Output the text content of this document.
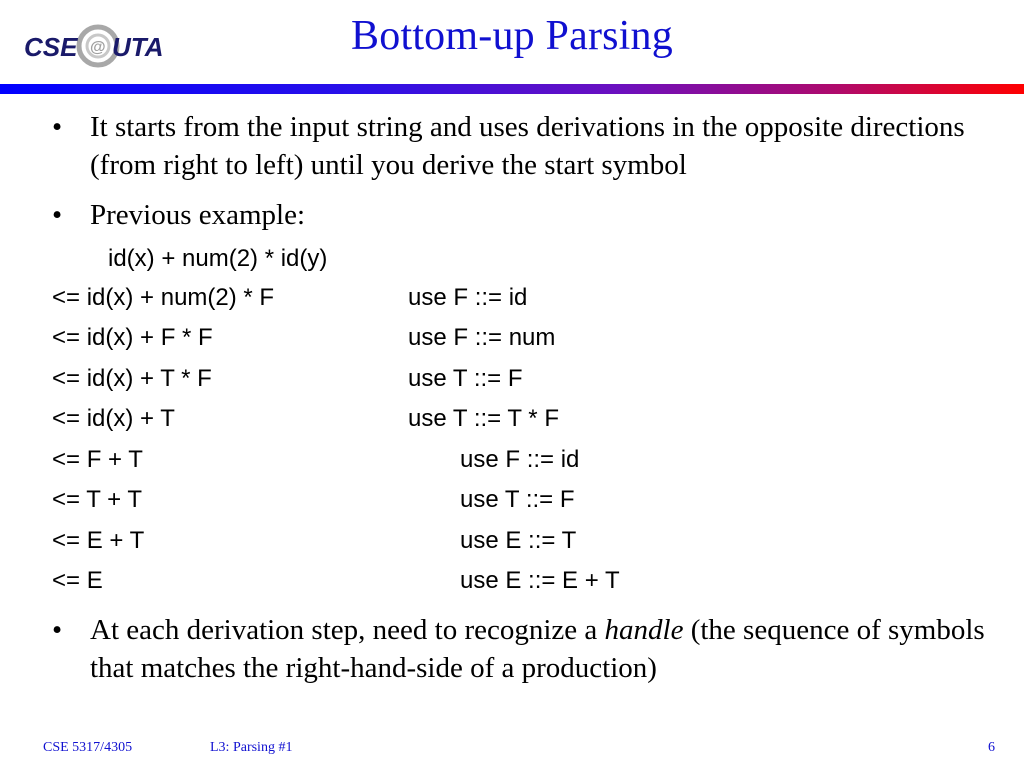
CSE @ UTA	Bottom-up Parsing
• It starts from the input string and uses derivations in the opposite directions (from right to left) until you derive the start symbol
• Previous example:
id(x) + num(2) * id(y)
<= id(x) + num(2) * F	use F ::= id
<= id(x) + F * F	use F ::= num
<= id(x) + T * F	use T ::= F
<= id(x) + T	use T ::= T * F
<= F + T	use F ::= id
<= T + T	use T ::= F
<= E + T	use E ::= T
<= E	use E ::= E + T
• At each derivation step, need to recognize a handle (the sequence of symbols that matches the right-hand-side of a production)
CSE 5317/4305	L3: Parsing #1	6
